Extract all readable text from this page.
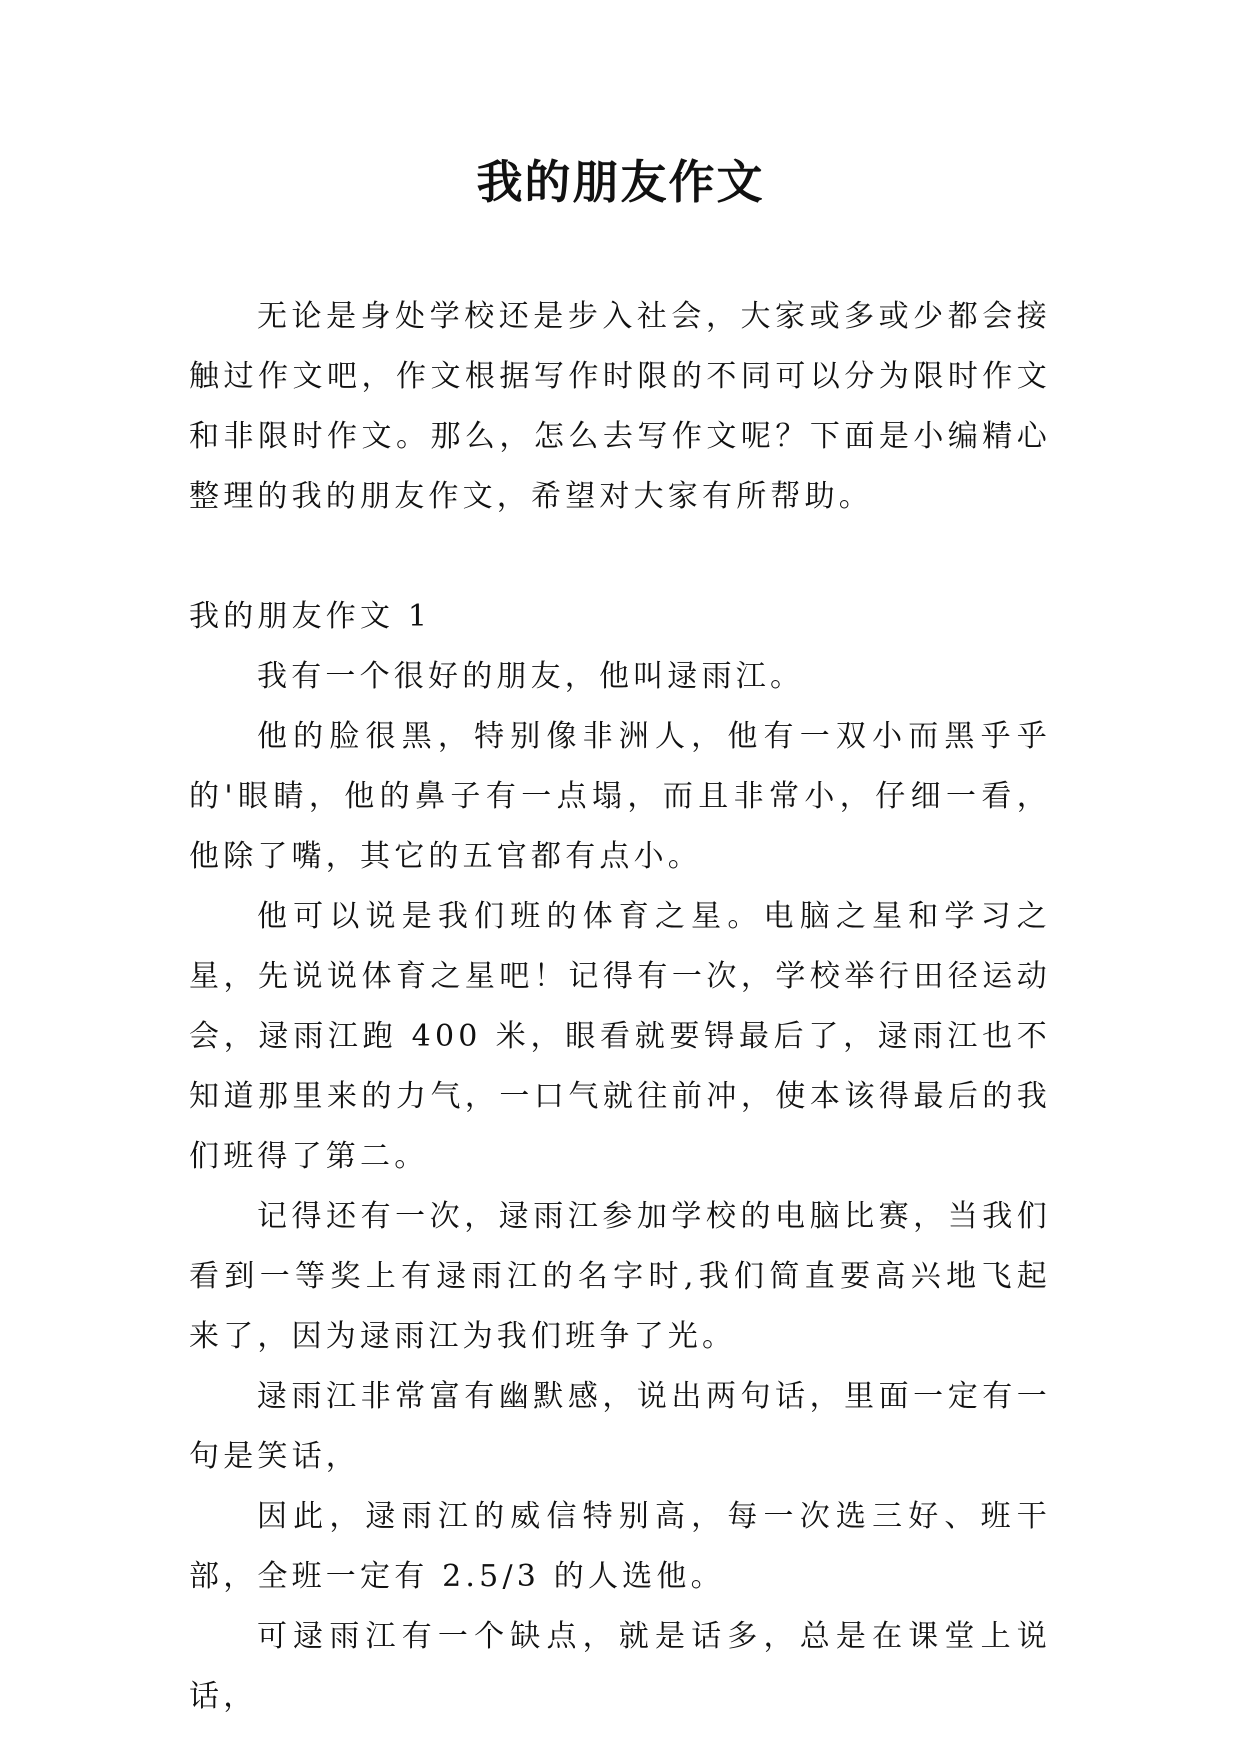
我的朋友作文

无论是身处学校还是步入社会，大家或多或少都会接触过作文吧，作文根据写作时限的不同可以分为限时作文和非限时作文。那么，怎么去写作文呢？下面是小编精心整理的我的朋友作文，希望对大家有所帮助。

我的朋友作文 1

我有一个很好的朋友，他叫逯雨江。

他的脸很黑，特别像非洲人，他有一双小而黑乎乎的'眼睛，他的鼻子有一点塌，而且非常小，仔细一看，他除了嘴，其它的五官都有点小。

他可以说是我们班的体育之星。电脑之星和学习之星，先说说体育之星吧！记得有一次，学校举行田径运动会，逯雨江跑 400 米，眼看就要锝最后了，逯雨江也不知道那里来的力气，一口气就往前冲，使本该得最后的我们班得了第二。

记得还有一次，逯雨江参加学校的电脑比赛，当我们看到一等奖上有逯雨江的名字时,我们简直要高兴地飞起来了，因为逯雨江为我们班争了光。

逯雨江非常富有幽默感，说出两句话，里面一定有一句是笑话，

因此，逯雨江的威信特别高，每一次选三好、班干部，全班一定有 2.5/3 的人选他。

可逯雨江有一个缺点，就是话多，总是在课堂上说话，
